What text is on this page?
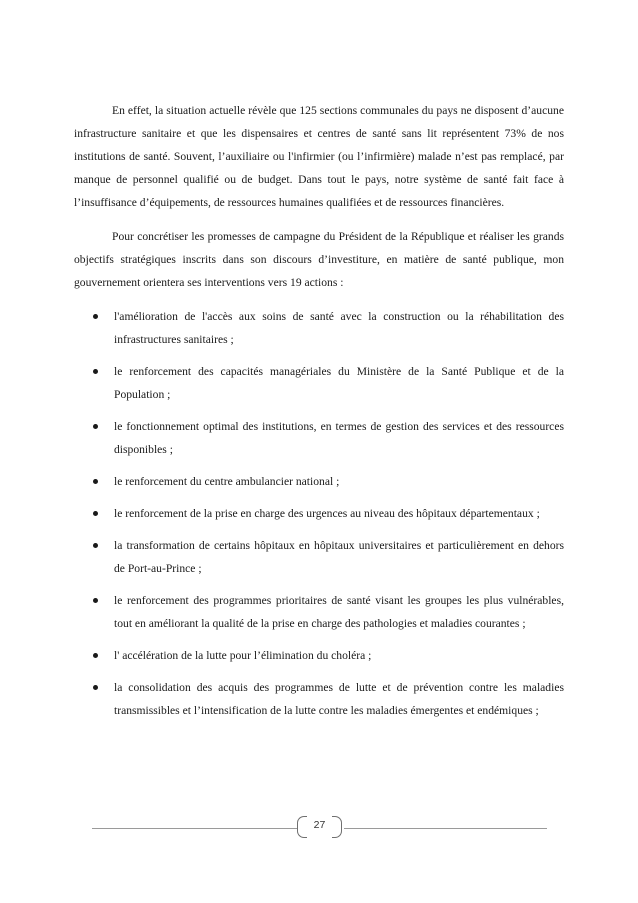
En effet, la situation actuelle révèle que 125 sections communales du pays ne disposent d’aucune infrastructure sanitaire et que les dispensaires et centres de santé sans lit représentent 73% de nos institutions de santé. Souvent, l’auxiliaire ou l'infirmier (ou l’infirmière) malade n’est pas remplacé, par manque de personnel qualifié ou de budget. Dans tout le pays, notre système de santé fait face à l’insuffisance d’équipements, de ressources humaines qualifiées et de ressources financières.

Pour concrétiser les promesses de campagne du Président de la République et réaliser les grands objectifs stratégiques inscrits dans son discours d’investiture, en matière de santé publique, mon gouvernement orientera ses interventions vers 19 actions :

l'amélioration de l'accès aux soins de santé avec la construction ou la réhabilitation des infrastructures sanitaires ;
le renforcement des capacités managériales du Ministère de la Santé Publique et de la Population ;
le fonctionnement optimal des institutions, en termes de gestion des services et des ressources disponibles ;
le renforcement du centre ambulancier national ;
le renforcement de la prise en charge des urgences au niveau des hôpitaux départementaux ;
la transformation de certains hôpitaux en hôpitaux universitaires et particulièrement en dehors de Port-au-Prince ;
le renforcement des programmes prioritaires de santé visant les groupes les plus vulnérables, tout en améliorant la qualité de la prise en charge des pathologies et maladies courantes ;
l' accélération de la lutte pour l’élimination du choléra ;
la consolidation des acquis des programmes de lutte et de prévention contre les maladies transmissibles et l’intensification de la lutte contre les maladies émergentes et endémiques ;
27
